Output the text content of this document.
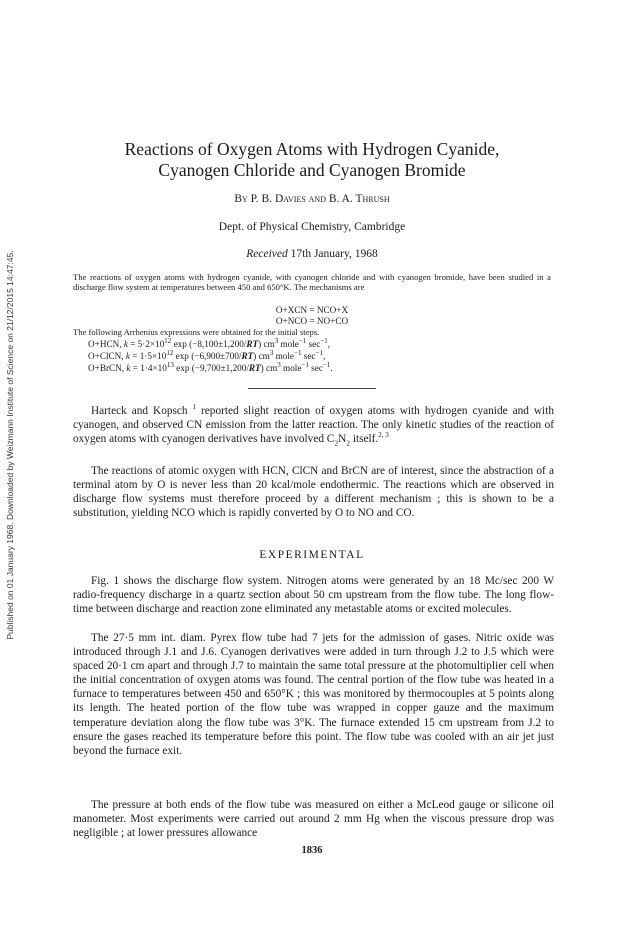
Published on 01 January 1968. Downloaded by Weizmann Institute of Science on 21/12/2015 14:47:45.
Reactions of Oxygen Atoms with Hydrogen Cyanide,
Cyanogen Chloride and Cyanogen Bromide
By P. B. Davies and B. A. Thrush
Dept. of Physical Chemistry, Cambridge
Received 17th January, 1968
The reactions of oxygen atoms with hydrogen cyanide, with cyanogen chloride and with cyanogen bromide, have been studied in a discharge flow system at temperatures between 450 and 650°K. The mechanisms are
O+XCN = NCO+X
O+NCO = NO+CO
The following Arrhenius expressions were obtained for the initial steps.
O+HCN, $k = 5\cdot 2\times 10^{12}$ exp (−8,100±1,200/RT) $cm^3$ mole$^{-1}$ $\sec^{-1}$,
O+ClCN, $k = 1\cdot 5\times 10^{12}$ exp (−6,900±700/RT) $cm^3$ mole$^{-1}$ $\sec^{-1}$,
O+BrCN, $k = 1\cdot 4\times 10^{13}$ exp (−9,700±1,200/RT) $cm^3$ mole$^{-1}$ $\sec^{-1}$.
Harteck and Kopsch $^1$ reported slight reaction of oxygen atoms with hydrogen cyanide and with cyanogen, and observed CN emission from the latter reaction. The only kinetic studies of the reaction of oxygen atoms with cyanogen derivatives have involved $C_2N_2$ itself.$^{2, 3}$
The reactions of atomic oxygen with HCN, ClCN and BrCN are of interest, since the abstraction of a terminal atom by O is never less than 20 kcal/mole endothermic. The reactions which are observed in discharge flow systems must therefore proceed by a different mechanism ; this is shown to be a substitution, yielding NCO which is rapidly converted by O to NO and CO.
EXPERIMENTAL
Fig. 1 shows the discharge flow system. Nitrogen atoms were generated by an 18 Mc/sec 200 W radio-frequency discharge in a quartz section about 50 cm upstream from the flow tube. The long flow-time between discharge and reaction zone eliminated any metastable atoms or excited molecules.
The 27·5 mm int. diam. Pyrex flow tube had 7 jets for the admission of gases. Nitric oxide was introduced through J.1 and J.6. Cyanogen derivatives were added in turn through J.2 to J.5 which were spaced 20·1 cm apart and through J.7 to maintain the same total pressure at the photomultiplier cell when the initial concentration of oxygen atoms was found. The central portion of the flow tube was heated in a furnace to temperatures between 450 and 650°K ; this was monitored by thermocouples at 5 points along its length. The heated portion of the flow tube was wrapped in copper gauze and the maximum temperature deviation along the flow tube was 3°K. The furnace extended 15 cm upstream from J.2 to ensure the gases reached its temperature before this point. The flow tube was cooled with an air jet just beyond the furnace exit.
The pressure at both ends of the flow tube was measured on either a McLeod gauge or silicone oil manometer. Most experiments were carried out around 2 mm Hg when the viscous pressure drop was negligible ; at lower pressures allowance
1836
